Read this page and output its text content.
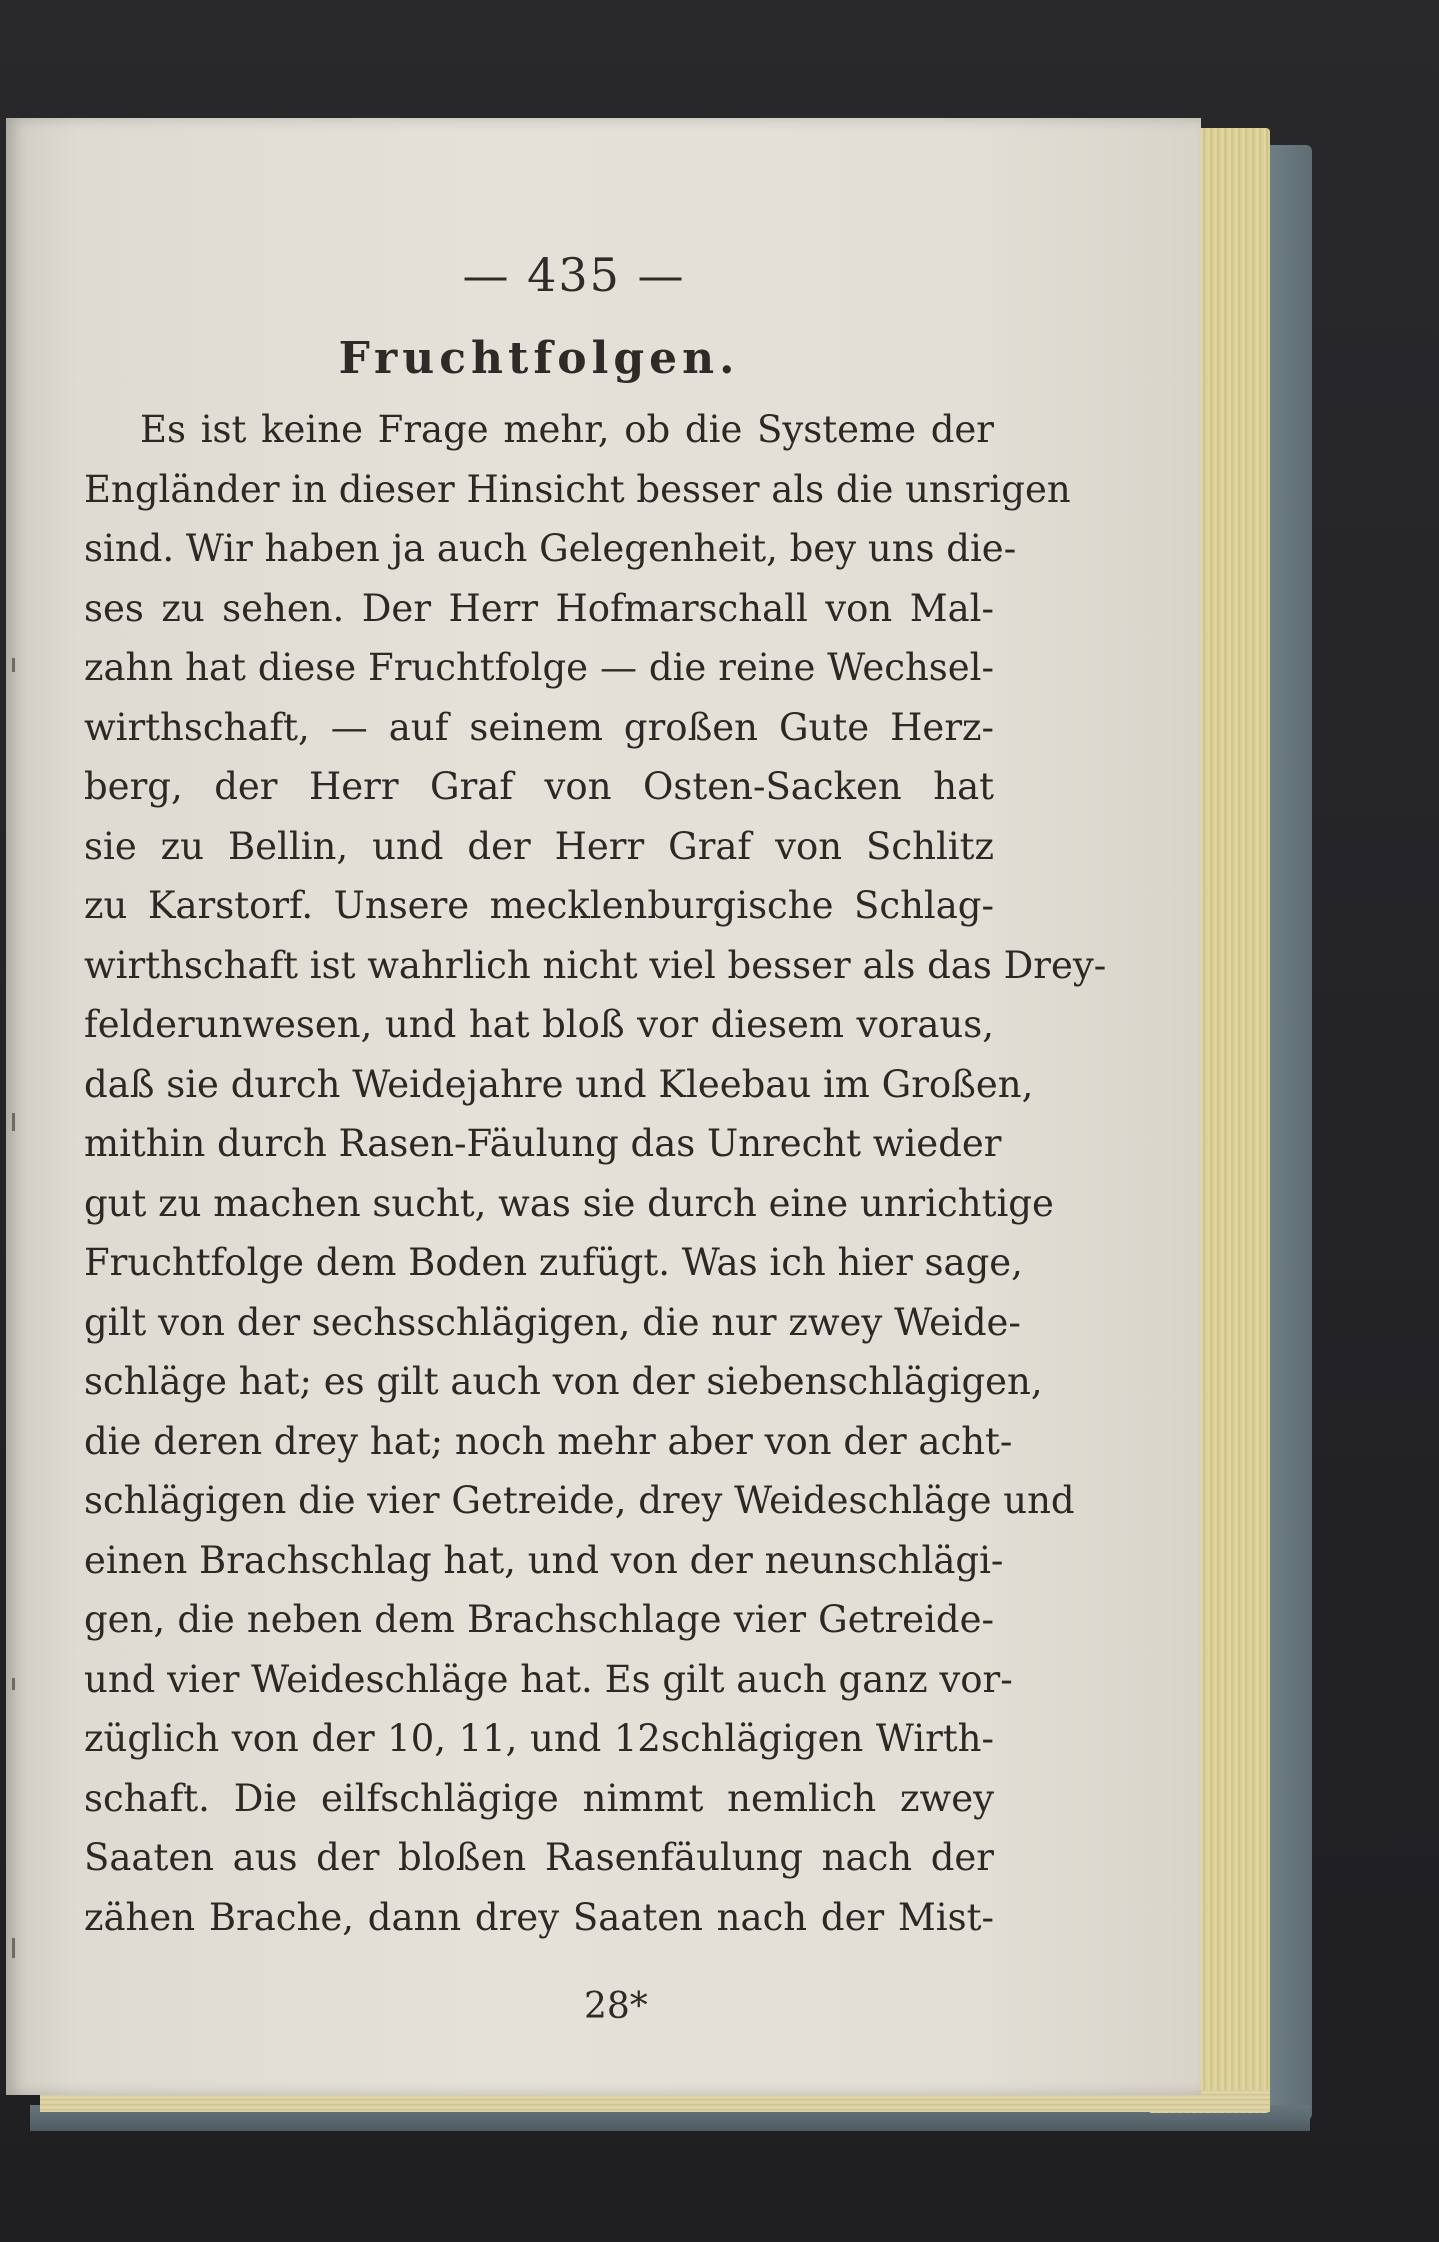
— 435 —
Fruchtfolgen.
Es ist keine Frage mehr, ob die Systeme der
Engländer in dieser Hinsicht besser als die unsrigen
sind. Wir haben ja auch Gelegenheit, bey uns die-
ses zu sehen. Der Herr Hofmarschall von Mal-
zahn hat diese Fruchtfolge — die reine Wechsel-
wirthschaft, — auf seinem großen Gute Herz-
berg, der Herr Graf von Osten-Sacken hat
sie zu Bellin, und der Herr Graf von Schlitz
zu Karstorf. Unsere mecklenburgische Schlag-
wirthschaft ist wahrlich nicht viel besser als das Drey-
felderunwesen, und hat bloß vor diesem voraus,
daß sie durch Weidejahre und Kleebau im Großen,
mithin durch Rasen-Fäulung das Unrecht wieder
gut zu machen sucht, was sie durch eine unrichtige
Fruchtfolge dem Boden zufügt. Was ich hier sage,
gilt von der sechsschlägigen, die nur zwey Weide-
schläge hat; es gilt auch von der siebenschlägigen,
die deren drey hat; noch mehr aber von der acht-
schlägigen die vier Getreide, drey Weideschläge und
einen Brachschlag hat, und von der neunschlägi-
gen, die neben dem Brachschlage vier Getreide-
und vier Weideschläge hat. Es gilt auch ganz vor-
züglich von der 10, 11, und 12schlägigen Wirth-
schaft. Die eilfschlägige nimmt nemlich zwey
Saaten aus der bloßen Rasenfäulung nach der
zähen Brache, dann drey Saaten nach der Mist-
28*
